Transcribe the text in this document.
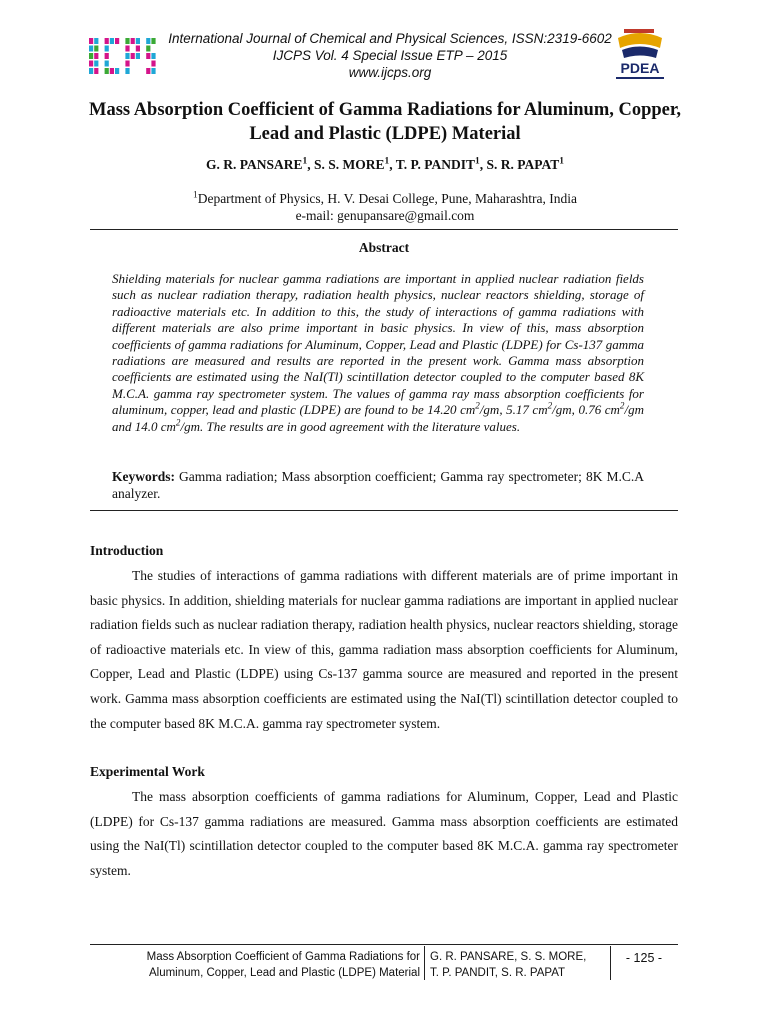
International Journal of Chemical and Physical Sciences, ISSN:2319-6602
IJCPS Vol. 4 Special Issue ETP – 2015
www.ijcps.org	PDEA
Mass Absorption Coefficient of Gamma Radiations for Aluminum, Copper, Lead and Plastic (LDPE) Material
G. R. PANSARE$^1$, S. S. MORE$^1$, T. P. PANDIT$^1$, S. R. PAPAT$^1$
$^1$Department of Physics, H. V. Desai College, Pune, Maharashtra, India
e-mail: genupansare@gmail.com
Abstract
Shielding materials for nuclear gamma radiations are important in applied nuclear radiation fields such as nuclear radiation therapy, radiation health physics, nuclear reactors shielding, storage of radioactive materials etc. In addition to this, the study of interactions of gamma radiations with different materials are also prime important in basic physics. In view of this, mass absorption coefficients of gamma radiations for Aluminum, Copper, Lead and Plastic (LDPE) for Cs-137 gamma radiations are measured and results are reported in the present work. Gamma mass absorption coefficients are estimated using the NaI(Tl) scintillation detector coupled to the computer based 8K M.C.A. gamma ray spectrometer system. The values of gamma ray mass absorption coefficients for aluminum, copper, lead and plastic (LDPE) are found to be 14.20 $cm^2/gm$, 5.17 $cm^2/gm$, 0.76 $cm^2/gm$ and 14.0 $cm^2/gm$. The results are in good agreement with the literature values.
Keywords: Gamma radiation; Mass absorption coefficient; Gamma ray spectrometer; 8K M.C.A analyzer.
Introduction
The studies of interactions of gamma radiations with different materials are of prime important in basic physics. In addition, shielding materials for nuclear gamma radiations are important in applied nuclear radiation fields such as nuclear radiation therapy, radiation health physics, nuclear reactors shielding, storage of radioactive materials etc. In view of this, gamma radiation mass absorption coefficients for Aluminum, Copper, Lead and Plastic (LDPE) using Cs-137 gamma source are measured and reported in the present work. Gamma mass absorption coefficients are estimated using the NaI(Tl) scintillation detector coupled to the computer based 8K M.C.A. gamma ray spectrometer system.
Experimental Work
The mass absorption coefficients of gamma radiations for Aluminum, Copper, Lead and Plastic (LDPE) for Cs-137 gamma radiations are measured. Gamma mass absorption coefficients are estimated using the NaI(Tl) scintillation detector coupled to the computer based 8K M.C.A. gamma ray spectrometer system.
Mass Absorption Coefficient of Gamma Radiations for
Aluminum, Copper, Lead and Plastic (LDPE) Material
G. R. PANSARE, S. S. MORE,
T. P. PANDIT, S. R. PAPAT
- 125 -
